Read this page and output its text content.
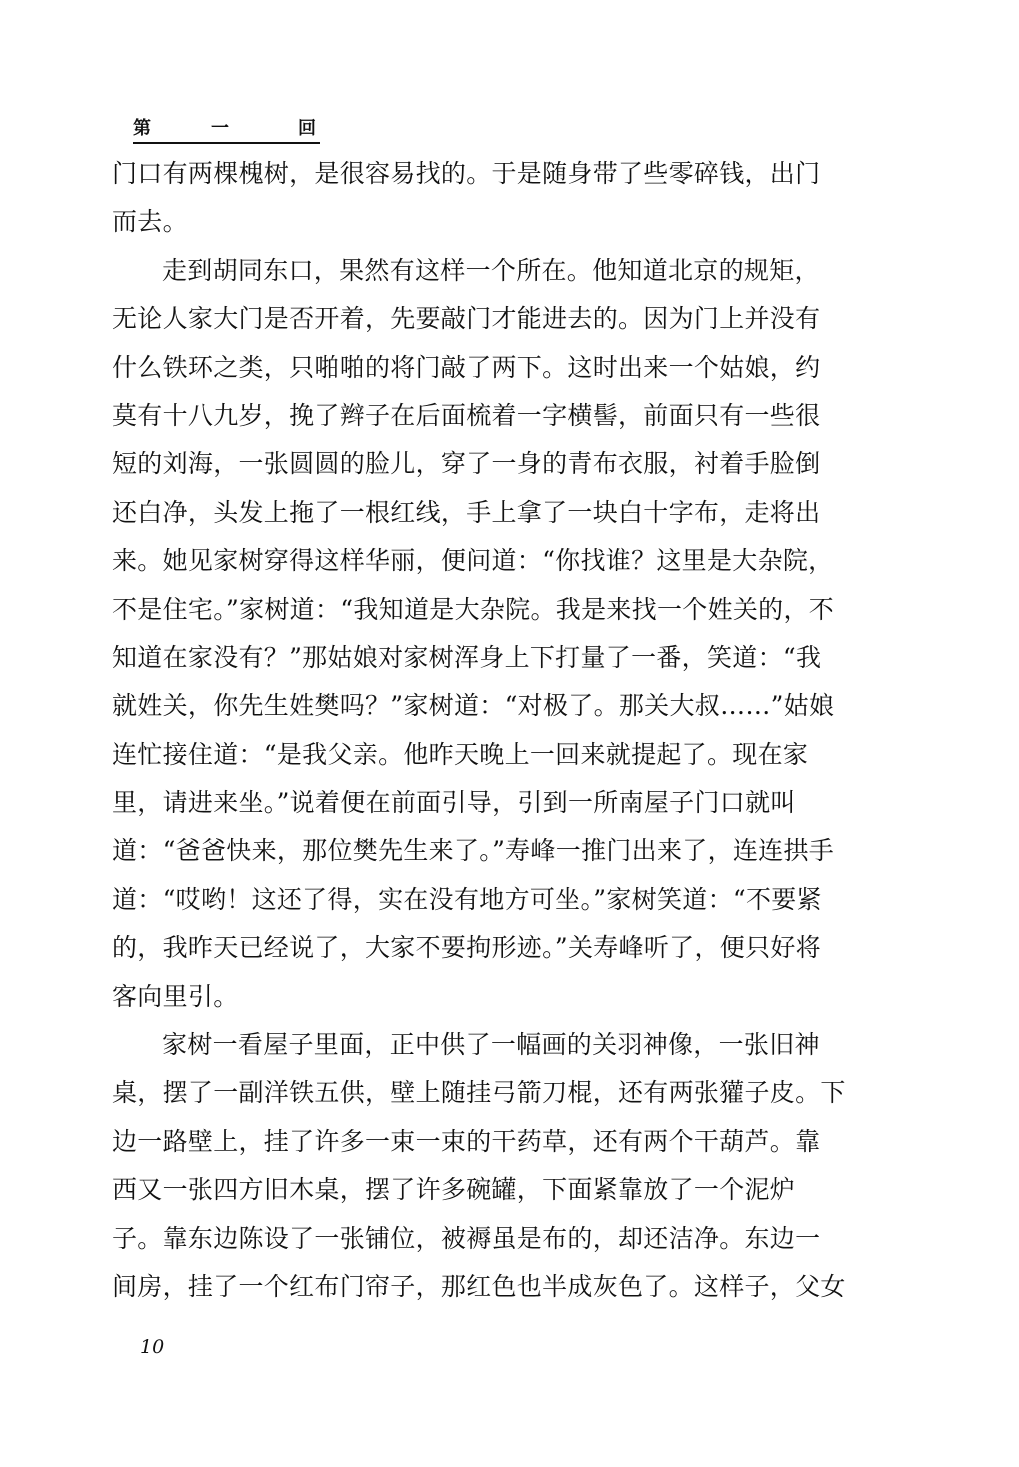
第	一	回
门口有两棵槐树，是很容易找的。于是随身带了些零碎钱，出门
而去。
走到胡同东口，果然有这样一个所在。他知道北京的规矩，
无论人家大门是否开着，先要敲门才能进去的。因为门上并没有
什么铁环之类，只啪啪的将门敲了两下。这时出来一个姑娘，约
莫有十八九岁，挽了辫子在后面梳着一字横髻，前面只有一些很
短的刘海，一张圆圆的脸儿，穿了一身的青布衣服，衬着手脸倒
还白净，头发上拖了一根红线，手上拿了一块白十字布，走将出
来。她见家树穿得这样华丽，便问道：“你找谁？这里是大杂院，
不是住宅。”家树道：“我知道是大杂院。我是来找一个姓关的，不
知道在家没有？”那姑娘对家树浑身上下打量了一番，笑道：“我
就姓关，你先生姓樊吗？”家树道：“对极了。那关大叔……”姑娘
连忙接住道：“是我父亲。他昨天晚上一回来就提起了。现在家
里，请进来坐。”说着便在前面引导，引到一所南屋子门口就叫
道：“爸爸快来，那位樊先生来了。”寿峰一推门出来了，连连拱手
道：“哎哟！这还了得，实在没有地方可坐。”家树笑道：“不要紧
的，我昨天已经说了，大家不要拘形迹。”关寿峰听了，便只好将
客向里引。
家树一看屋子里面，正中供了一幅画的关羽神像，一张旧神
桌，摆了一副洋铁五供，壁上随挂弓箭刀棍，还有两张獾子皮。下
边一路壁上，挂了许多一束一束的干药草，还有两个干葫芦。靠
西又一张四方旧木桌，摆了许多碗罐，下面紧靠放了一个泥炉
子。靠东边陈设了一张铺位，被褥虽是布的，却还洁净。东边一
间房，挂了一个红布门帘子，那红色也半成灰色了。这样子，父女
10
